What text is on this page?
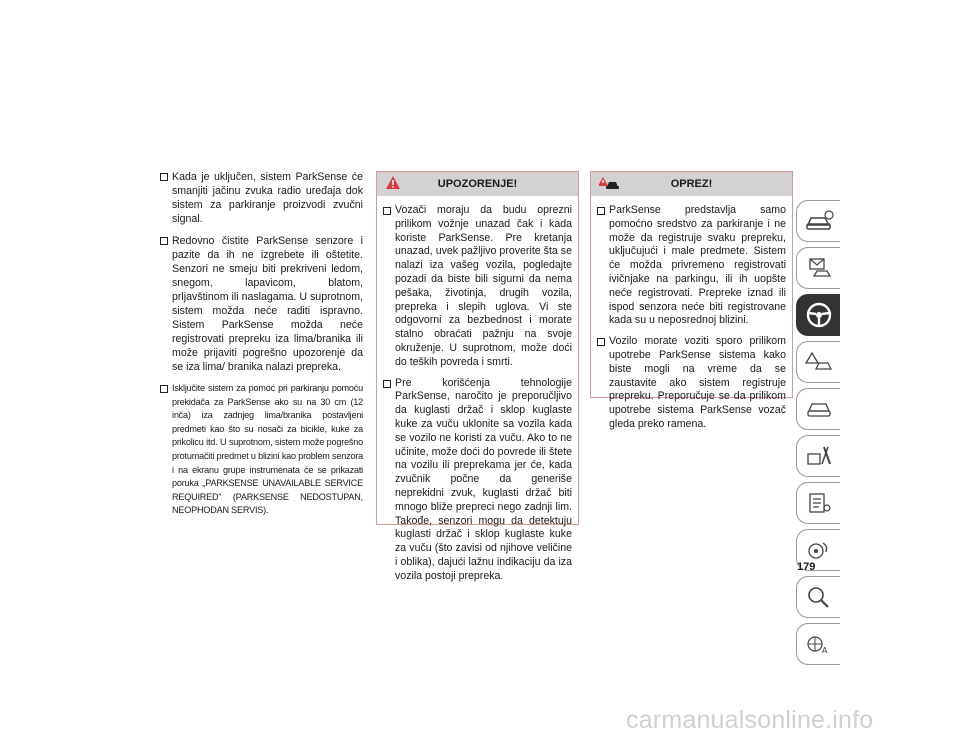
Kada je uključen, sistem ParkSense će smanjiti jačinu zvuka radio uređaja dok sistem za parkiranje proizvodi zvučni signal.
Redovno čistite ParkSense senzore i pazite da ih ne izgrebete ili oštetite. Senzori ne smeju biti prekriveni ledom, snegom, lapavicom, blatom, prljavštinom ili naslagama. U suprotnom, sistem možda neće raditi ispravno. Sistem ParkSense možda neće registrovati prepreku iza lima/branika ili može prijaviti pogrešno upozorenje da se iza lima/ branika nalazi prepreka.
Isključite sistem za pomoć pri parkiranju pomoću prekidača za ParkSense ako su na 30 cm (12 inča) iza zadnjeg lima/branika postavljeni predmeti kao što su nosači za bicikle, kuke za prikolicu itd. U suprotnom, sistem može pogrešno protumačiti predmet u blizini kao problem senzora i na ekranu grupe instrumenata će se prikazati poruka „PARKSENSE UNAVAILABLE SERVICE REQUIRED" (PARKSENSE NEDOSTUPAN, NEOPHODAN SERVIS).
UPOZORENJE!
Vozači moraju da budu oprezni prilikom vožnje unazad čak i kada koriste ParkSense. Pre kretanja unazad, uvek pažljivo proverite šta se nalazi iza vašeg vozila, pogledajte pozadi da biste bili sigurni da nema pešaka, životinja, drugih vozila, prepreka i slepih uglova. Vi ste odgovorni za bezbednost i morate stalno obraćati pažnju na svoje okruženje. U suprotnom, može doći do teških povreda i smrti.
Pre korišćenja tehnologije ParkSense, naročito je preporučljivo da kuglasti držač i sklop kuglaste kuke za vuču uklonite sa vozila kada se vozilo ne koristi za vuču. Ako to ne učinite, može doći do povrede ili štete na vozilu ili preprekama jer će, kada zvučnik počne da generiše neprekidni zvuk, kuglasti držač biti mnogo bliže prepreci nego zadnji lim. Takođe, senzori mogu da detektuju kuglasti držač i sklop kuglaste kuke za vuču (što zavisi od njihove veličine i oblika), dajući lažnu indikaciju da iza vozila postoji prepreka.
OPREZ!
ParkSense predstavlja samo pomoćno sredstvo za parkiranje i ne može da registruje svaku prepreku, uključujući i male predmete. Sistem će možda privremeno registrovati ivičnjake na parkingu, ili ih uopšte neće registrovati. Prepreke iznad ili ispod senzora neće biti registrovane kada su u neposrednoj blizini.
Vozilo morate voziti sporo prilikom upotrebe ParkSense sistema kako biste mogli na vreme da se zaustavite ako sistem registruje prepreku. Preporučuje se da prilikom upotrebe sistema ParkSense vozač gleda preko ramena.
A
179
carmanualsonline.info
